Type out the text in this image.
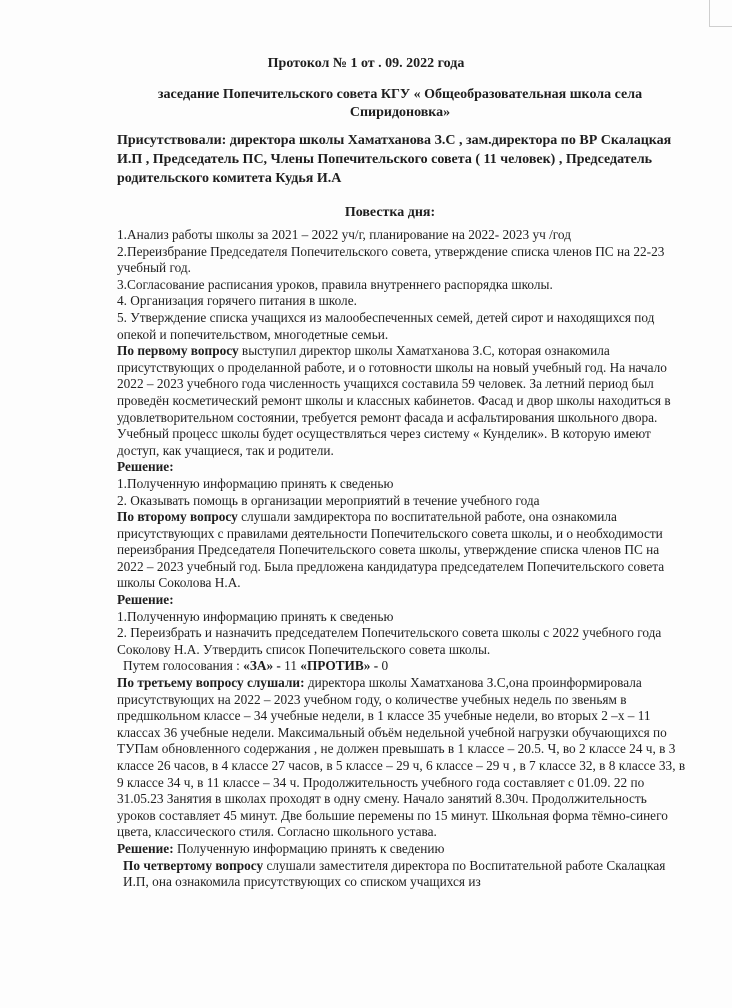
Протокол № 1 от . 09. 2022 года
заседание Попечительского совета КГУ « Общеобразовательная школа села Спиридоновка»
Присутствовали: директора школы Хаматханова З.С , зам.директора по ВР Скалацкая И.П , Председатель ПС, Члены Попечительского совета ( 11 человек) , Председатель родительского комитета Кудья И.А
Повестка дня:

1.Анализ работы школы за 2021 – 2022 уч/г, планирование на 2022- 2023 уч /год

2.Переизбрание Председателя Попечительского совета, утверждение списка членов ПС на 22-23 учебный год.

3.Согласование расписания уроков, правила внутреннего распорядка школы.

4. Организация горячего питания в школе.

5. Утверждение списка учащихся из малообеспеченных семей, детей сирот и находящихся под опекой и попечительством, многодетные семьи.

По первому вопросу выступил директор школы Хаматханова З.С, которая ознакомила присутствующих о проделанной работе, и о готовности школы на новый учебный год. На начало 2022 – 2023 учебного года численность учащихся составила 59 человек. За летний период был проведён косметический ремонт школы и классных кабинетов. Фасад и двор школы находиться в удовлетворительном состоянии, требуется ремонт фасада и асфальтирования школьного двора. Учебный процесс школы будет осуществляться через систему « Кунделик». В которую имеют доступ, как учащиеся, так и родители.

Решение:

1.Полученную информацию принять к сведенью

2. Оказывать помощь в организации мероприятий в течение учебного года

По второму вопросу слушали замдиректора по воспитательной работе, она ознакомила присутствующих с правилами деятельности Попечительского совета школы, и о необходимости переизбрания Председателя Попечительского совета школы, утверждение списка членов ПС на 2022 – 2023 учебный год. Была предложена кандидатура председателем Попечительского совета школы Соколова Н.А.

Решение:

1.Полученную информацию принять к сведенью

2. Переизбрать и назначить председателем Попечительского совета школы с 2022 учебного года Соколову Н.А. Утвердить список Попечительского совета школы.

Путем голосования : «ЗА» - 11 «ПРОТИВ» - 0

По третьему вопросу слушали: директора школы Хаматханова З.С,она проинформировала присутствующих на 2022 – 2023 учебном году, о количестве учебных недель по звеньям в предшкольном классе – 34 учебные недели, в 1 классе 35 учебные недели, во вторых 2 –х – 11 классах 36 учебные недели. Максимальный объём недельной учебной нагрузки обучающихся по ТУПам обновленного содержания , не должен превышать в 1 классе – 20.5. Ч, во 2 классе 24 ч, в 3 классе 26 часов, в 4 классе 27 часов, в 5 классе – 29 ч, 6 классе – 29 ч , в 7 классе 32, в 8 классе 33, в 9 классе 34 ч, в 11 классе – 34 ч. Продолжительность учебного года составляет с 01.09. 22 по 31.05.23 Занятия в школах проходят в одну смену. Начало занятий 8.30ч. Продолжительность уроков составляет 45 минут. Две большие перемены по 15 минут. Школьная форма тёмно-синего цвета, классического стиля. Согласно школьного устава.

Решение: Полученную информацию принять к сведению

По четвертому вопросу слушали заместителя директора по Воспитательной работе Скалацкая И.П, она ознакомила присутствующих со списком учащихся из
